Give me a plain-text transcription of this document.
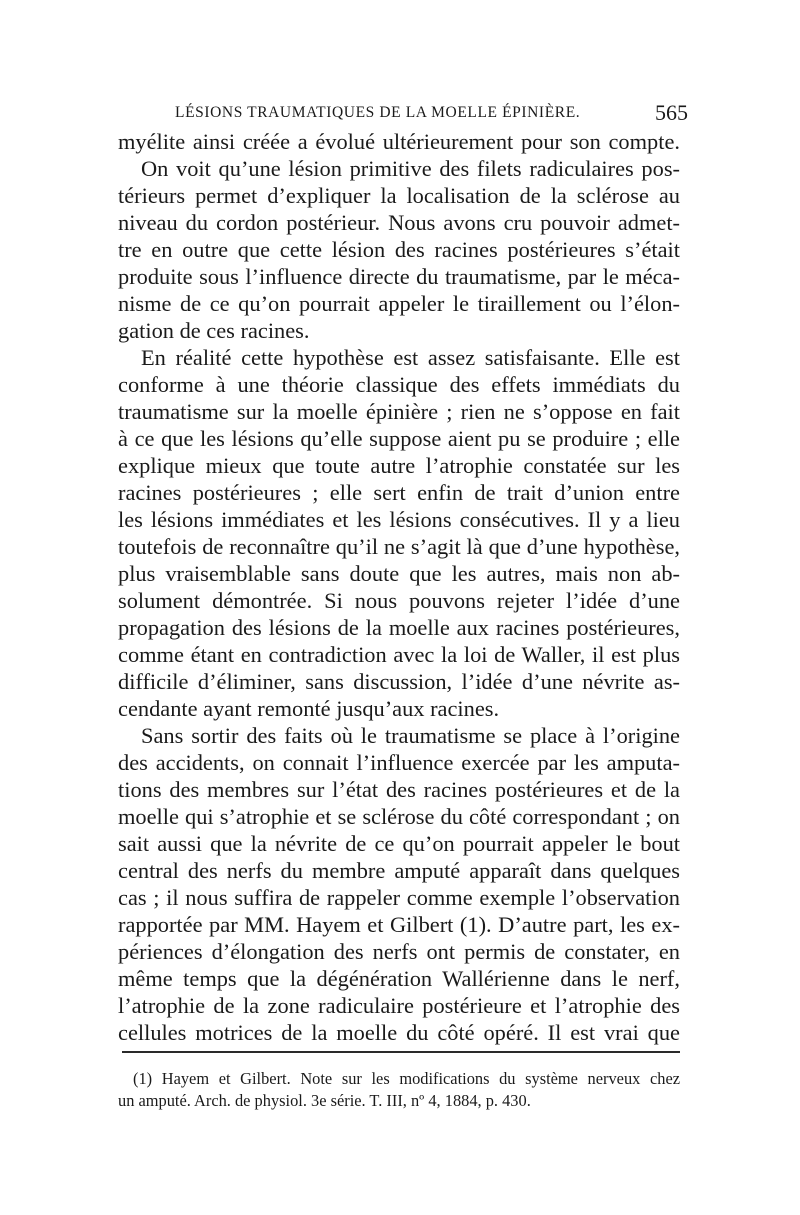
LÉSIONS TRAUMATIQUES DE LA MOELLE ÉPINIÈRE.	565
myélite ainsi créée a évolué ultérieurement pour son compte.
On voit qu’une lésion primitive des filets radiculaires pos-
térieurs permet d’expliquer la localisation de la sclérose au
niveau du cordon postérieur. Nous avons cru pouvoir admet-
tre en outre que cette lésion des racines postérieures s’était
produite sous l’influence directe du traumatisme, par le méca-
nisme de ce qu’on pourrait appeler le tiraillement ou l’élon-
gation de ces racines.
En réalité cette hypothèse est assez satisfaisante. Elle est
conforme à une théorie classique des effets immédiats du
traumatisme sur la moelle épinière ; rien ne s’oppose en fait
à ce que les lésions qu’elle suppose aient pu se produire ; elle
explique mieux que toute autre l’atrophie constatée sur les
racines postérieures ; elle sert enfin de trait d’union entre
les lésions immédiates et les lésions consécutives. Il y a lieu
toutefois de reconnaître qu’il ne s’agit là que d’une hypothèse,
plus vraisemblable sans doute que les autres, mais non ab-
solument démontrée. Si nous pouvons rejeter l’idée d’une
propagation des lésions de la moelle aux racines postérieures,
comme étant en contradiction avec la loi de Waller, il est plus
difficile d’éliminer, sans discussion, l’idée d’une névrite as-
cendante ayant remonté jusqu’aux racines.
Sans sortir des faits où le traumatisme se place à l’origine
des accidents, on connait l’influence exercée par les amputa-
tions des membres sur l’état des racines postérieures et de la
moelle qui s’atrophie et se sclérose du côté correspondant ; on
sait aussi que la névrite de ce qu’on pourrait appeler le bout
central des nerfs du membre amputé apparaît dans quelques
cas ; il nous suffira de rappeler comme exemple l’observation
rapportée par MM. Hayem et Gilbert (1). D’autre part, les ex-
périences d’élongation des nerfs ont permis de constater, en
même temps que la dégénération Wallérienne dans le nerf,
l’atrophie de la zone radiculaire postérieure et l’atrophie des
cellules motrices de la moelle du côté opéré. Il est vrai que
(1) Hayem et Gilbert. Note sur les modifications du système nerveux chez
un amputé. Arch. de physiol. 3e série. T. III, nº 4, 1884, p. 430.
